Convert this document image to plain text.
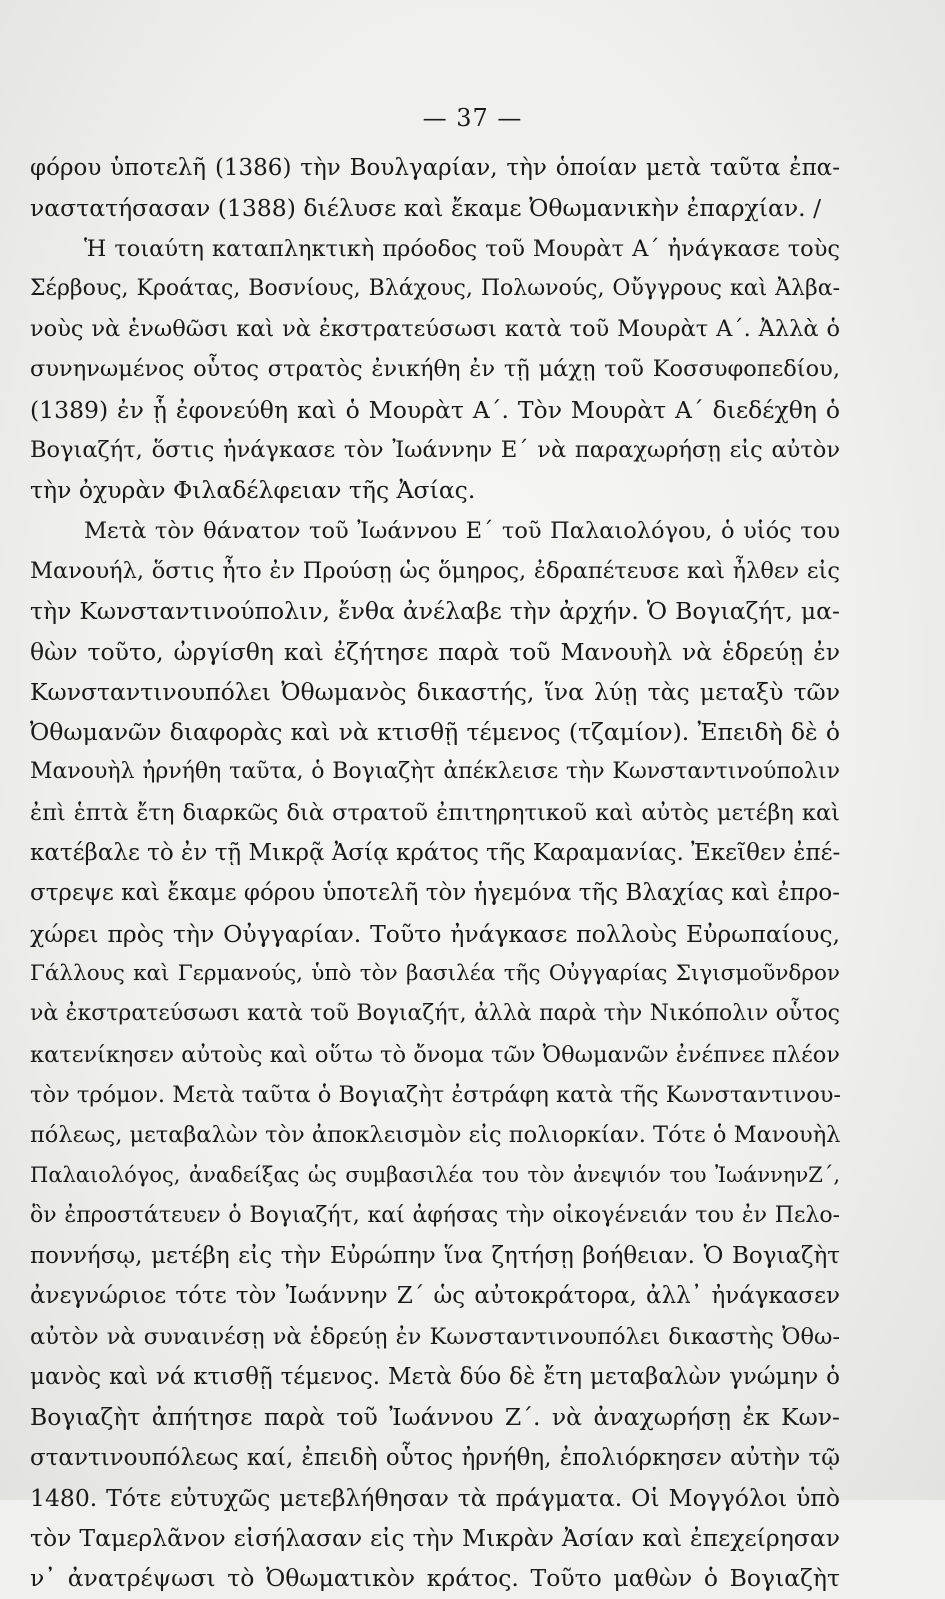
— 37 —
φόρου ὑποτελῆ (1386) τὴν Βουλγαρίαν, τὴν ὁποίαν μετὰ ταῦτα ἐπα-
ναστατήσασαν (1388) διέλυσε καὶ ἔκαμε Ὀθωμανικὴν ἐπαρχίαν. /
Ἡ τοιαύτη καταπληκτικὴ πρόοδος τοῦ Μουρὰτ Α΄ ἠνάγκασε τοὺς
Σέρβους, Κροάτας, Βοσνίους, Βλάχους, Πολωνούς, Οὔγγρους καὶ Ἀλβα-
νοὺς νὰ ἑνωθῶσι καὶ νὰ ἐκστρατεύσωσι κατὰ τοῦ Μουρὰτ Α΄. Ἀλλὰ ὁ
συνηνωμένος οὗτος στρατὸς ἐνικήθη ἐν τῇ μάχῃ τοῦ Κοσσυφοπεδίου,
(1389) ἐν ᾗ ἐφονεύθη καὶ ὁ Μουρὰτ Α΄. Τὸν Μουρὰτ Α΄ διεδέχθη ὁ
Βογιαζήτ, ὅστις ἠνάγκασε τὸν Ἰωάννην Ε΄ νὰ παραχωρήσῃ εἰς αὐτὸν
τὴν ὀχυρὰν Φιλαδέλφειαν τῆς Ἀσίας.
Μετὰ τὸν θάνατον τοῦ Ἰωάννου Ε΄ τοῦ Παλαιολόγου, ὁ υἱός του
Μανουήλ, ὅστις ἦτο ἐν Προύσῃ ὡς ὅμηρος, ἐδραπέτευσε καὶ ἦλθεν εἰς
τὴν Κωνσταντινούπολιν, ἔνθα ἀνέλαβε τὴν ἀρχήν. Ὁ Βογιαζήτ, μα-
θὼν τοῦτο, ὠργίσθη καὶ ἐζήτησε παρὰ τοῦ Μανουὴλ νὰ ἑδρεύῃ ἐν
Κωνσταντινουπόλει Ὀθωμανὸς δικαστής, ἵνα λύῃ τὰς μεταξὺ τῶν
Ὀθωμανῶν διαφορὰς καὶ νὰ κτισθῇ τέμενος (τζαμίον). Ἐπειδὴ δὲ ὁ
Μανουὴλ ἠρνήθη ταῦτα, ὁ Βογιαζὴτ ἀπέκλεισε τὴν Κωνσταντινούπολιν
ἐπὶ ἑπτὰ ἔτη διαρκῶς διὰ στρατοῦ ἐπιτηρητικοῦ καὶ αὐτὸς μετέβη καὶ
κατέβαλε τὸ ἐν τῇ Μικρᾷ Ἀσίᾳ κράτος τῆς Καραμανίας. Ἐκεῖθεν ἐπέ-
στρεψε καὶ ἔκαμε φόρου ὑποτελῆ τὸν ἡγεμόνα τῆς Βλαχίας καὶ ἐπρο-
χώρει πρὸς τὴν Οὐγγαρίαν. Τοῦτο ἠνάγκασε πολλοὺς Εὐρωπαίους,
Γάλλους καὶ Γερμανούς, ὑπὸ τὸν βασιλέα τῆς Οὐγγαρίας Σιγισμοῦνδρον
νὰ ἐκστρατεύσωσι κατὰ τοῦ Βογιαζήτ, ἀλλὰ παρὰ τὴν Νικόπολιν οὗτος
κατενίκησεν αὐτοὺς καὶ οὕτω τὸ ὄνομα τῶν Ὀθωμανῶν ἐνέπνεε πλέον
τὸν τρόμον. Μετὰ ταῦτα ὁ Βογιαζὴτ ἐστράφη κατὰ τῆς Κωνσταντινου-
πόλεως, μεταβαλὼν τὸν ἀποκλεισμὸν εἰς πολιορκίαν. Τότε ὁ Μανουὴλ
Παλαιολόγος, ἀναδείξας ὡς συμβασιλέα του τὸν ἀνεψιόν του ἸωάννηνΖ΄,
ὃν ἐπροστάτευεν ὁ Βογιαζήτ, καί ἀφήσας τὴν οἰκογένειάν του ἐν Πελο-
ποννήσῳ, μετέβη εἰς τὴν Εὐρώπην ἵνα ζητήσῃ βοήθειαν. Ὁ Βογιαζὴτ
ἀνεγνώριοε τότε τὸν Ἰωάννην Ζ΄ ὡς αὐτοκράτορα, ἀλλ᾽ ἠνάγκασεν
αὐτὸν νὰ συναινέσῃ νὰ ἑδρεύῃ ἐν Κωνσταντινουπόλει δικαστὴς Ὀθω-
μανὸς καὶ νά κτισθῇ τέμενος. Μετὰ δύο δὲ ἔτη μεταβαλὼν γνώμην ὁ
Βογιαζὴτ ἀπήτησε παρὰ τοῦ Ἰωάννου Ζ΄. νὰ ἀναχωρήσῃ ἐκ Κων-
σταντινουπόλεως καί, ἐπειδὴ οὗτος ἠρνήθη, ἐπολιόρκησεν αὐτὴν τῷ
1480. Τότε εὐτυχῶς μετεβλήθησαν τὰ πράγματα. Οἱ Μογγόλοι ὑπὸ
τὸν Ταμερλᾶνον εἰσήλασαν εἰς τὴν Μικρὰν Ἀσίαν καὶ ἐπεχείρησαν
ν᾽ ἀνατρέψωσι τὸ Ὀθωματικὸν κράτος. Τοῦτο μαθὼν ὁ Βογιαζὴτ
